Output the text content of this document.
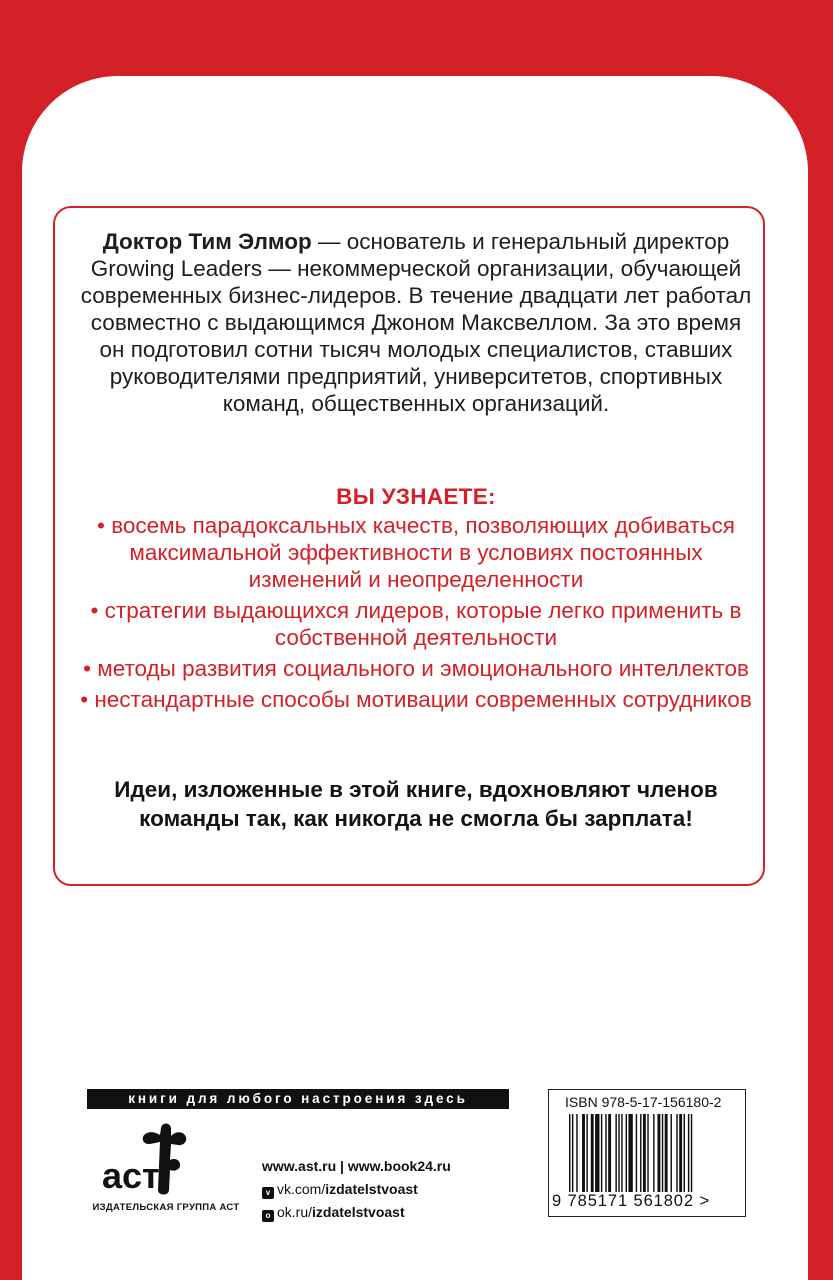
Доктор Тим Элмор — основатель и генеральный директор Growing Leaders — некоммерческой организации, обучающей современных бизнес-лидеров. В течение двадцати лет работал совместно с выдающимся Джоном Максвеллом. За это время он подготовил сотни тысяч молодых специалистов, ставших руководителями предприятий, университетов, спортивных команд, общественных организаций.

ВЫ УЗНАЕТЕ:
• восемь парадоксальных качеств, позволяющих добиваться максимальной эффективности в условиях постоянных изменений и неопределенности
• стратегии выдающихся лидеров, которые легко применить в собственной деятельности
• методы развития социального и эмоционального интеллектов
• нестандартные способы мотивации современных сотрудников
Идеи, изложенные в этой книге, вдохновляют членов команды так, как никогда не смогла бы зарплата!
книги для любого настроения здесь
аст
ИЗДАТЕЛЬСКАЯ ГРУППА АСТ
www.ast.ru | www.book24.ru
v vk.com/izdatelstvoast
o ok.ru/izdatelstvoast
ISBN 978-5-17-156180-2
9 785171 561802 >
